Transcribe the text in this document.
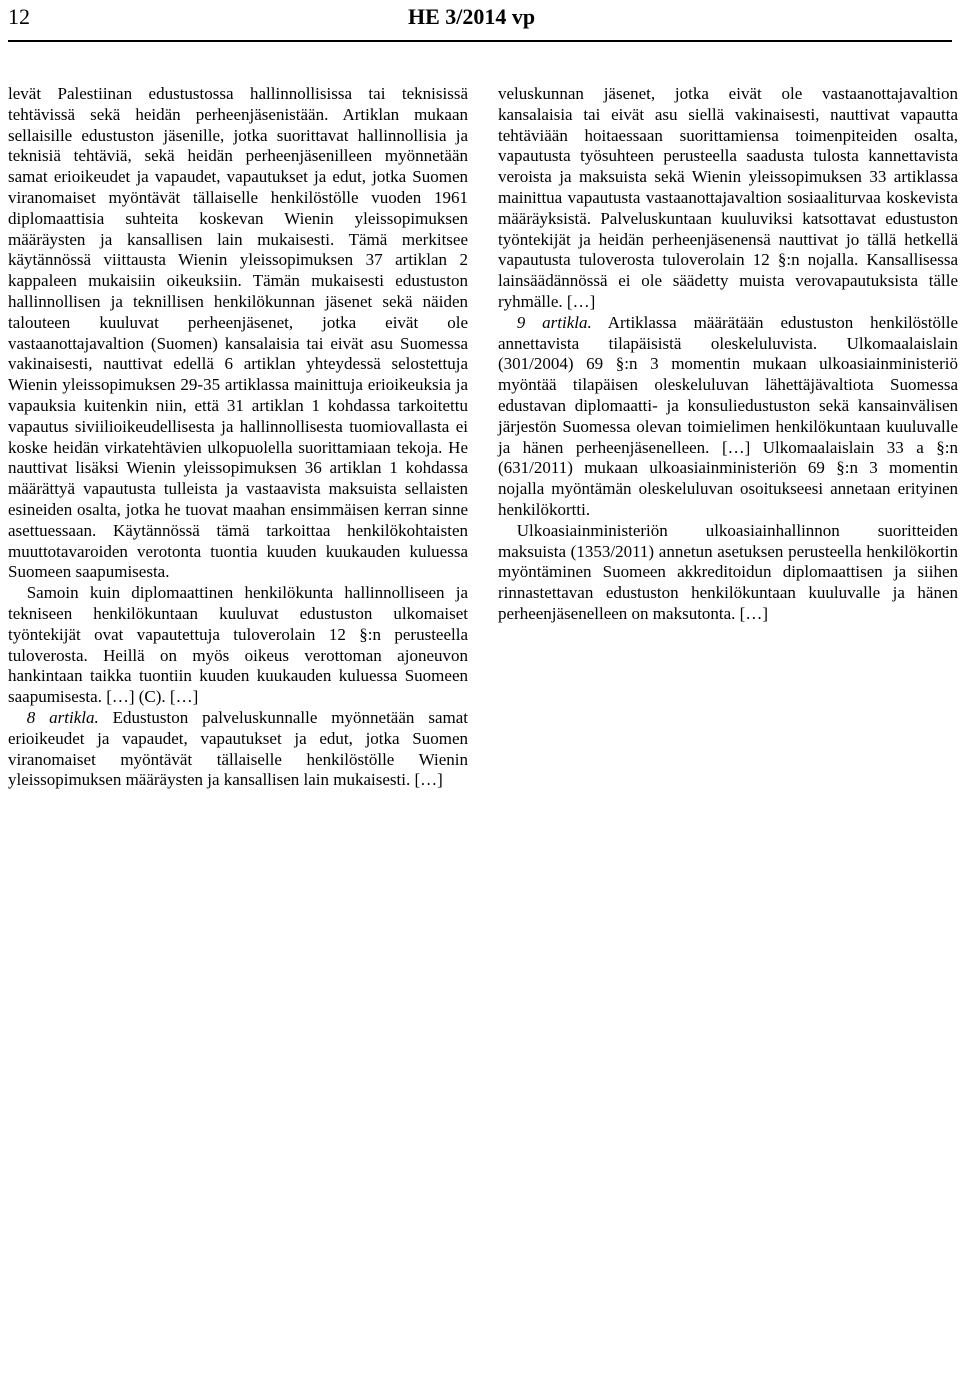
12	HE 3/2014 vp

levät Palestiinan edustustossa hallinnollisissa tai teknisissä tehtävissä sekä heidän perheenjäsenistään. Artiklan mukaan sellaisille edustuston jäsenille, jotka suorittavat hallinnollisia ja teknisiä tehtäviä, sekä heidän perheenjäsenilleen myönnetään samat erioikeudet ja vapaudet, vapautukset ja edut, jotka Suomen viranomaiset myöntävät tällaiselle henkilöstölle vuoden 1961 diplomaattisia suhteita koskevan Wienin yleissopimuksen määräysten ja kansallisen lain mukaisesti. Tämä merkitsee käytännössä viittausta Wienin yleissopimuksen 37 artiklan 2 kappaleen mukaisiin oikeuksiin. Tämän mukaisesti edustuston hallinnollisen ja teknillisen henkilökunnan jäsenet sekä näiden talouteen kuuluvat perheenjäsenet, jotka eivät ole vastaanottajavaltion (Suomen) kansalaisia tai eivät asu Suomessa vakinaisesti, nauttivat edellä 6 artiklan yhteydessä selostettuja Wienin yleissopimuksen 29-35 artiklassa mainittuja erioikeuksia ja vapauksia kuitenkin niin, että 31 artiklan 1 kohdassa tarkoitettu vapautus siviilioikeudellisesta ja hallinnollisesta tuomiovallasta ei koske heidän virkatehtävien ulkopuolella suorittamiaan tekoja. He nauttivat lisäksi Wienin yleissopimuksen 36 artiklan 1 kohdassa määrättyä vapautusta tulleista ja vastaavista maksuista sellaisten esineiden osalta, jotka he tuovat maahan ensimmäisen kerran sinne asettuessaan. Käytännössä tämä tarkoittaa henkilökohtaisten muuttotavaroiden verotonta tuontia kuuden kuukauden kuluessa Suomeen saapumisesta.

Samoin kuin diplomaattinen henkilökunta hallinnolliseen ja tekniseen henkilökuntaan kuuluvat edustuston ulkomaiset työntekijät ovat vapautettuja tuloverolain 12 §:n perusteella tuloverosta. Heillä on myös oikeus verottoman ajoneuvon hankintaan taikka tuontiin kuuden kuukauden kuluessa Suomeen saapumisesta. […] (C). […]

8 artikla. Edustuston palveluskunnalle myönnetään samat erioikeudet ja vapaudet, vapautukset ja edut, jotka Suomen viranomaiset myöntävät tällaiselle henkilöstölle Wienin yleissopimuksen määräysten ja kansallisen lain mukaisesti. […]

veluskunnan jäsenet, jotka eivät ole vastaanottajavaltion kansalaisia tai eivät asu siellä vakinaisesti, nauttivat vapautta tehtäviään hoitaessaan suorittamiensa toimenpiteiden osalta, vapautusta työsuhteen perusteella saadusta tulosta kannettavista veroista ja maksuista sekä Wienin yleissopimuksen 33 artiklassa mainittua vapautusta vastaanottajavaltion sosiaaliturvaa koskevista määräyksistä. Palveluskuntaan kuuluviksi katsottavat edustuston työntekijät ja heidän perheenjäsenensä nauttivat jo tällä hetkellä vapautusta tuloverosta tuloverolain 12 §:n nojalla. Kansallisessa lainsäädännössä ei ole säädetty muista verovapautuksista tälle ryhmälle. […]

9 artikla. Artiklassa määrätään edustuston henkilöstölle annettavista tilapäisistä oleskeluluvista. Ulkomaalaislain (301/2004) 69 §:n 3 momentin mukaan ulkoasiainministeriö myöntää tilapäisen oleskeluluvan lähettäjävaltiota Suomessa edustavan diplomaatti- ja konsuliedustuston sekä kansainvälisen järjestön Suomessa olevan toimielimen henkilökuntaan kuuluvalle ja hänen perheenjäsenelleen. […] Ulkomaalaislain 33 a §:n (631/2011) mukaan ulkoasiainministeriön 69 §:n 3 momentin nojalla myöntämän oleskeluluvan osoitukseesi annetaan erityinen henkilökortti.

Ulkoasiainministeriön ulkoasiainhallinnon suoritteiden maksuista (1353/2011) annetun asetuksen perusteella henkilökortin myöntäminen Suomeen akkreditoidun diplomaattisen ja siihen rinnastettavan edustuston henkilökuntaan kuuluvalle ja hänen perheenjäsenelleen on maksutonta. […]
